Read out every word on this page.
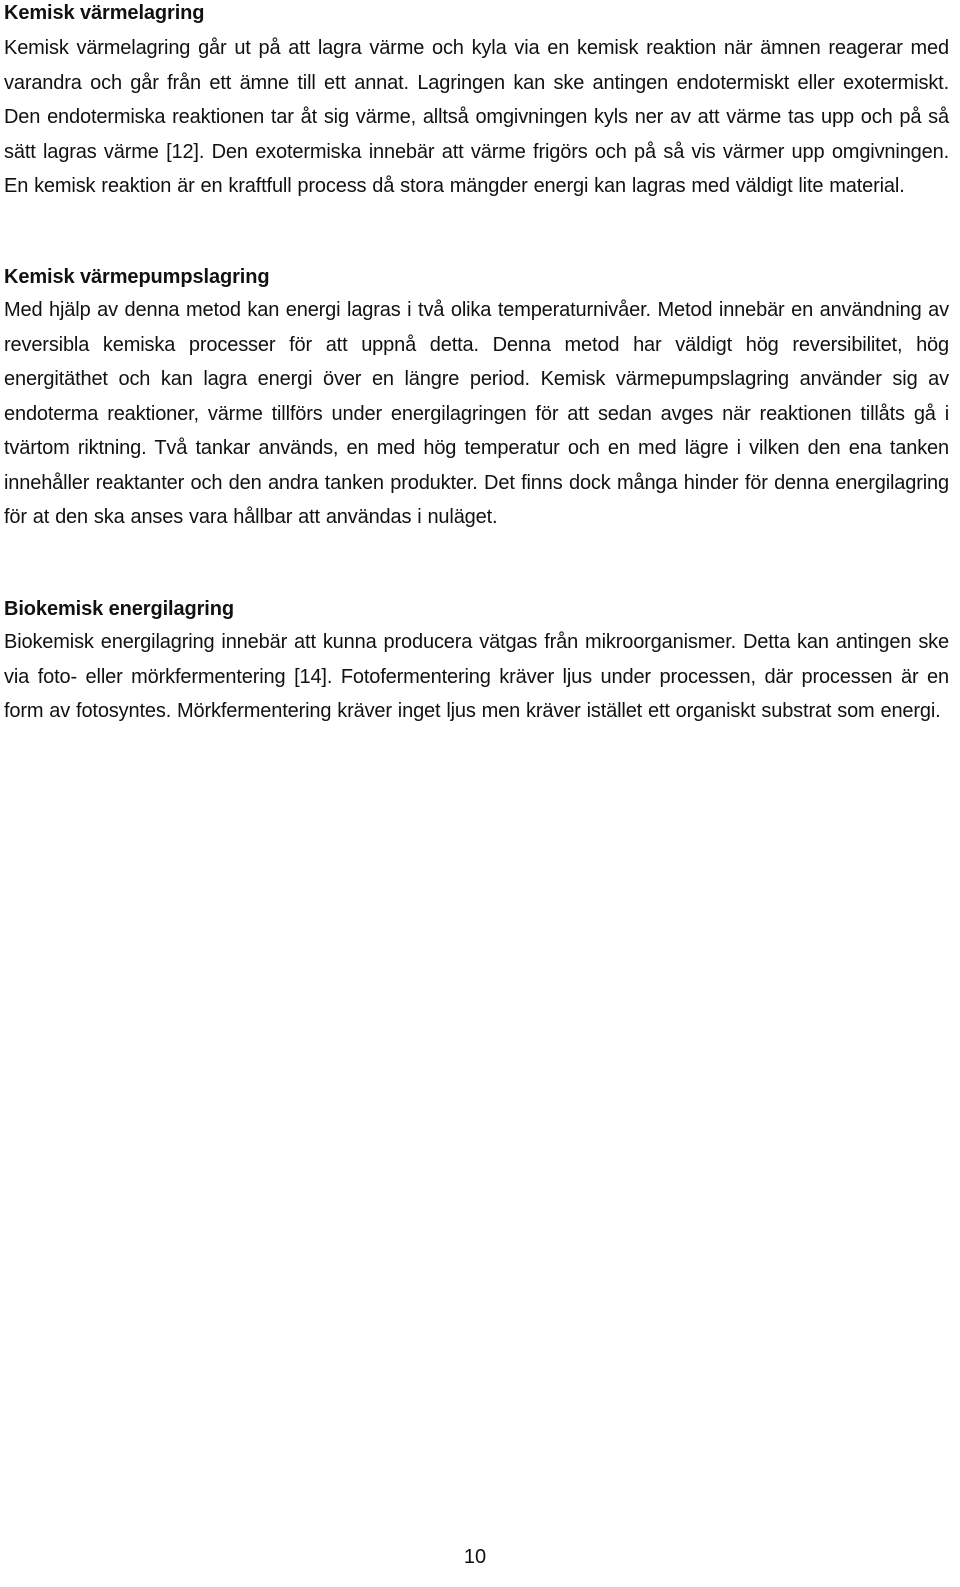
Kemisk värmelagring

Kemisk värmelagring går ut på att lagra värme och kyla via en kemisk reaktion när ämnen reagerar med varandra och går från ett ämne till ett annat. Lagringen kan ske antingen endotermiskt eller exotermiskt. Den endotermiska reaktionen tar åt sig värme, alltså omgivningen kyls ner av att värme tas upp och på så sätt lagras värme [12]. Den exotermiska innebär att värme frigörs och på så vis värmer upp omgivningen. En kemisk reaktion är en kraftfull process då stora mängder energi kan lagras med väldigt lite material.

Kemisk värmepumpslagring

Med hjälp av denna metod kan energi lagras i två olika temperaturnivåer. Metod innebär en användning av reversibla kemiska processer för att uppnå detta. Denna metod har väldigt hög reversibilitet, hög energitäthet och kan lagra energi över en längre period. Kemisk värmepumpslagring använder sig av endoterma reaktioner, värme tillförs under energilagringen för att sedan avges när reaktionen tillåts gå i tvärtom riktning. Två tankar används, en med hög temperatur och en med lägre i vilken den ena tanken innehåller reaktanter och den andra tanken produkter. Det finns dock många hinder för denna energilagring för at den ska anses vara hållbar att användas i nuläget.

Biokemisk energilagring

Biokemisk energilagring innebär att kunna producera vätgas från mikroorganismer. Detta kan antingen ske via foto- eller mörkfermentering [14]. Fotofermentering kräver ljus under processen, där processen är en form av fotosyntes. Mörkfermentering kräver inget ljus men kräver istället ett organiskt substrat som energi.

10
